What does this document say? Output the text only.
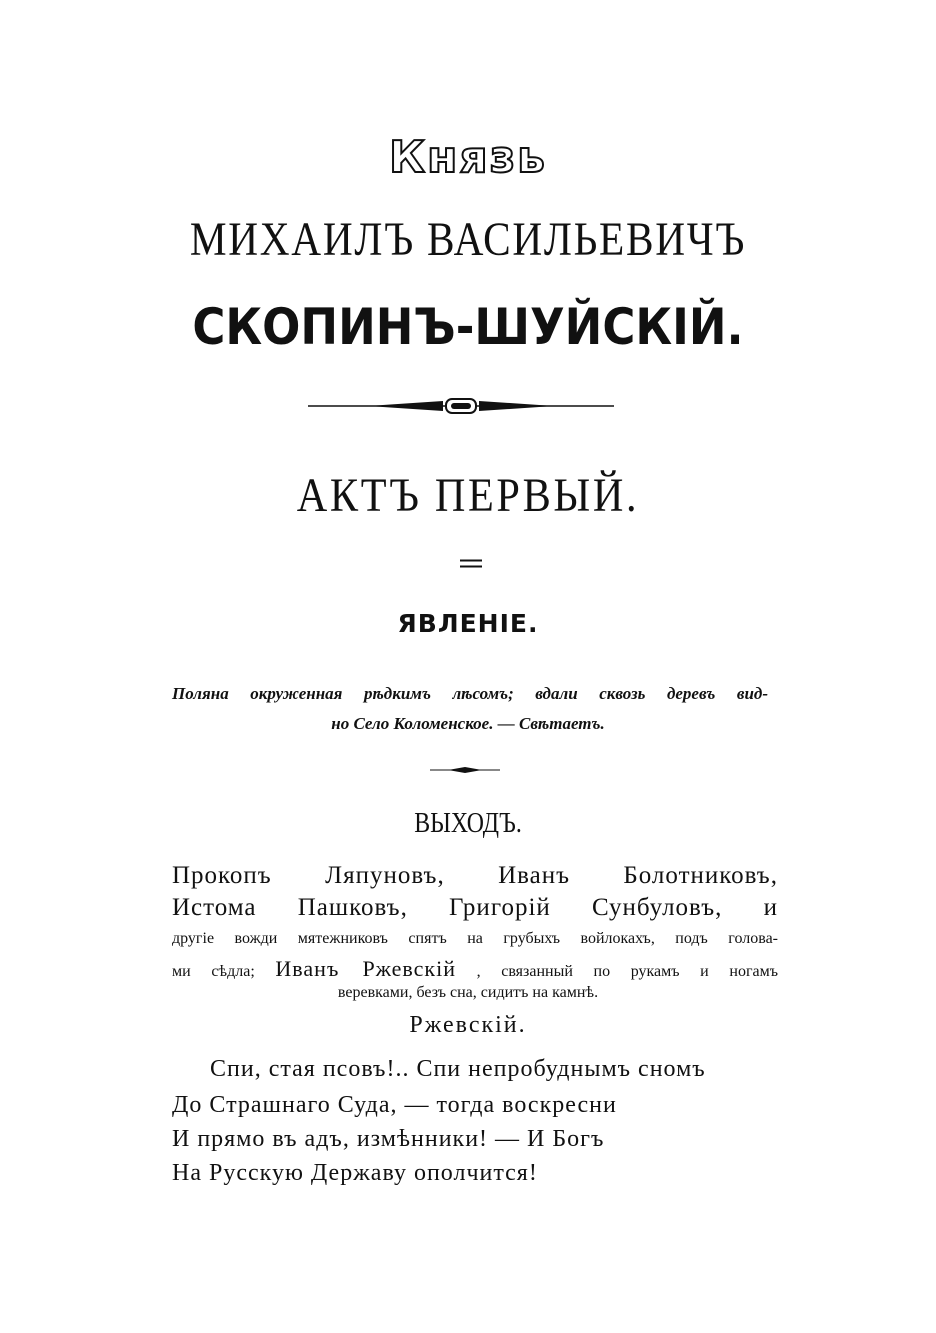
Князь
МИХАИЛЪ ВАСИЛЬЕВИЧЪ
СКОПИНЪ-ШУЙСКІЙ.
АКТЪ ПЕРВЫЙ.
ЯВЛЕНІЕ.
Поляна окруженная рѣдкимъ лѣсомъ; вдали сквозь деревъ вид-
но Село Коломенское. — Свѣтаетъ.
ВЫХОДЪ.
Прокопъ Ляпуновъ, Иванъ Болотниковъ,
Истома Пашковъ, Григорій Сунбуловъ, и
другіе вожди мятежниковъ спятъ на грубыхъ войлокахъ, подъ голова-
ми сѣдла; Иванъ Ржевскій , связанный по рукамъ и ногамъ
веревками, безъ сна, сидитъ на камнѣ.
Ржевскій.
Спи, стая псовъ!.. Спи непробуднымъ сномъ
До Страшнаго Суда, — тогда воскресни
И прямо въ адъ, измѣнники! — И Богъ
На Русскую Державу ополчится!
